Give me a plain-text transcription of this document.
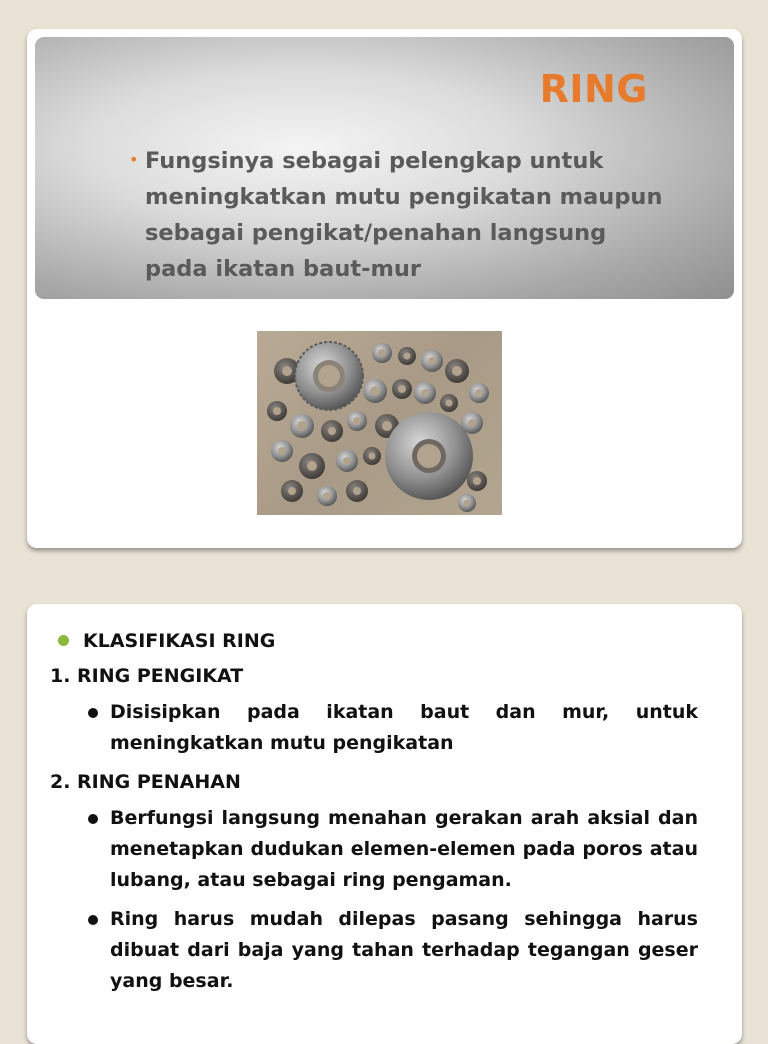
RING
• Fungsinya sebagai pelengkap untuk meningkatkan mutu pengikatan maupun sebagai pengikat/penahan langsung pada ikatan baut-mur
KLASIFIKASI RING
1. RING PENGIKAT
Disisipkan pada ikatan baut dan mur, untuk meningkatkan mutu pengikatan
2. RING PENAHAN
Berfungsi langsung menahan gerakan arah aksial dan menetapkan dudukan elemen-elemen pada poros atau lubang, atau sebagai ring pengaman.
Ring harus mudah dilepas pasang sehingga harus dibuat dari baja yang tahan terhadap tegangan geser yang besar.
